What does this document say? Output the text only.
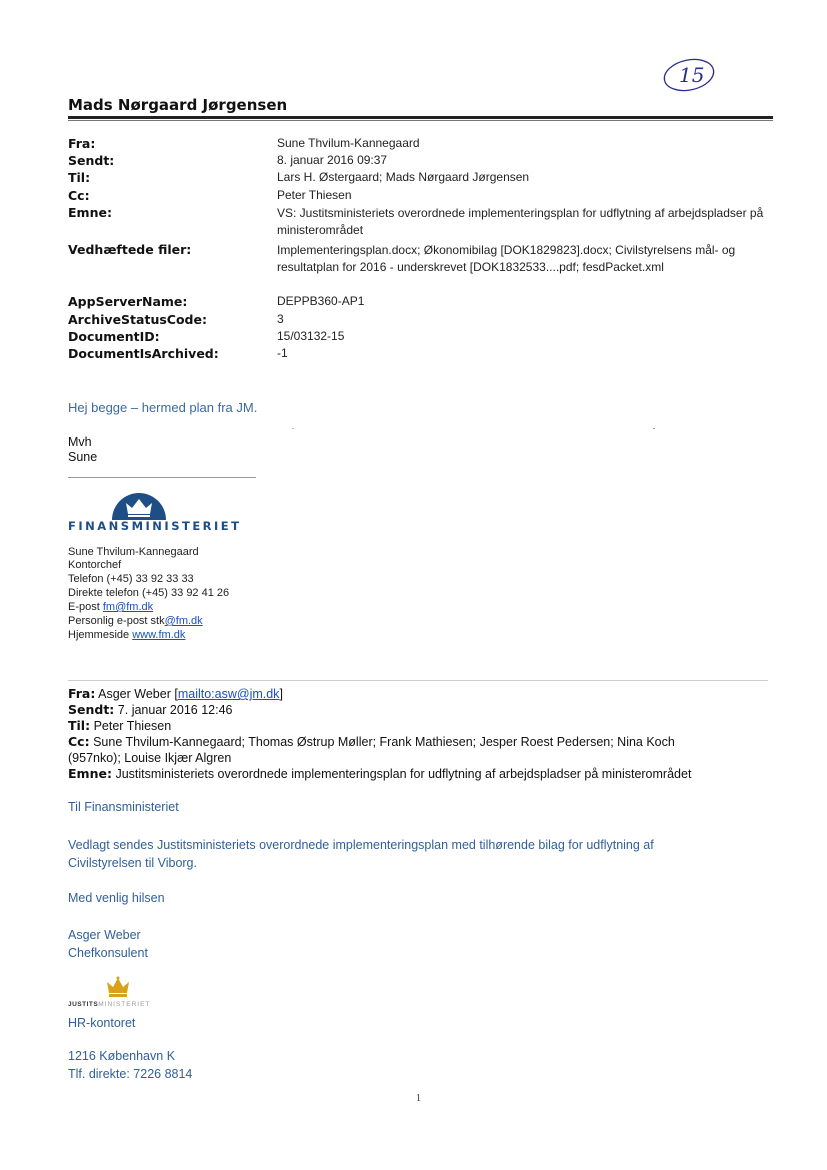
15
Mads Nørgaard Jørgensen
Fra:	Sune Thvilum-Kannegaard
Sendt:	8. januar 2016 09:37
Til:	Lars H. Østergaard; Mads Nørgaard Jørgensen
Cc:	Peter Thiesen
Emne:	VS: Justitsministeriets overordnede implementeringsplan for udflytning af arbejdspladser på ministerområdet
Vedhæftede filer:	Implementeringsplan.docx; Økonomibilag [DOK1829823].docx; Civilstyrelsens mål- og resultatplan for 2016 - underskrevet [DOK1832533....pdf; fesdPacket.xml
AppServerName:	DEPPB360-AP1
ArchiveStatusCode:	3
DocumentID:	15/03132-15
DocumentIsArchived:	-1
Hej begge – hermed plan fra JM.
Mvh
Sune
FINANSMINISTERIET
Sune Thvilum-Kannegaard
Kontorchef
Telefon (+45) 33 92 33 33
Direkte telefon (+45) 33 92 41 26
E-post fm@fm.dk
Personlig e-post stk@fm.dk
Hjemmeside www.fm.dk
Fra: Asger Weber [mailto:asw@jm.dk]
Sendt: 7. januar 2016 12:46
Til: Peter Thiesen
Cc: Sune Thvilum-Kannegaard; Thomas Østrup Møller; Frank Mathiesen; Jesper Roest Pedersen; Nina Koch
(957nko); Louise Ikjær Algren
Emne: Justitsministeriets overordnede implementeringsplan for udflytning af arbejdspladser på ministerområdet
Til Finansministeriet
Vedlagt sendes Justitsministeriets overordnede implementeringsplan med tilhørende bilag for udflytning af
Civilstyrelsen til Viborg.
Med venlig hilsen
Asger Weber
Chefkonsulent
JUSTITSMINISTERIET
HR-kontoret
1216 København K
Tlf. direkte: 7226 8814
1
